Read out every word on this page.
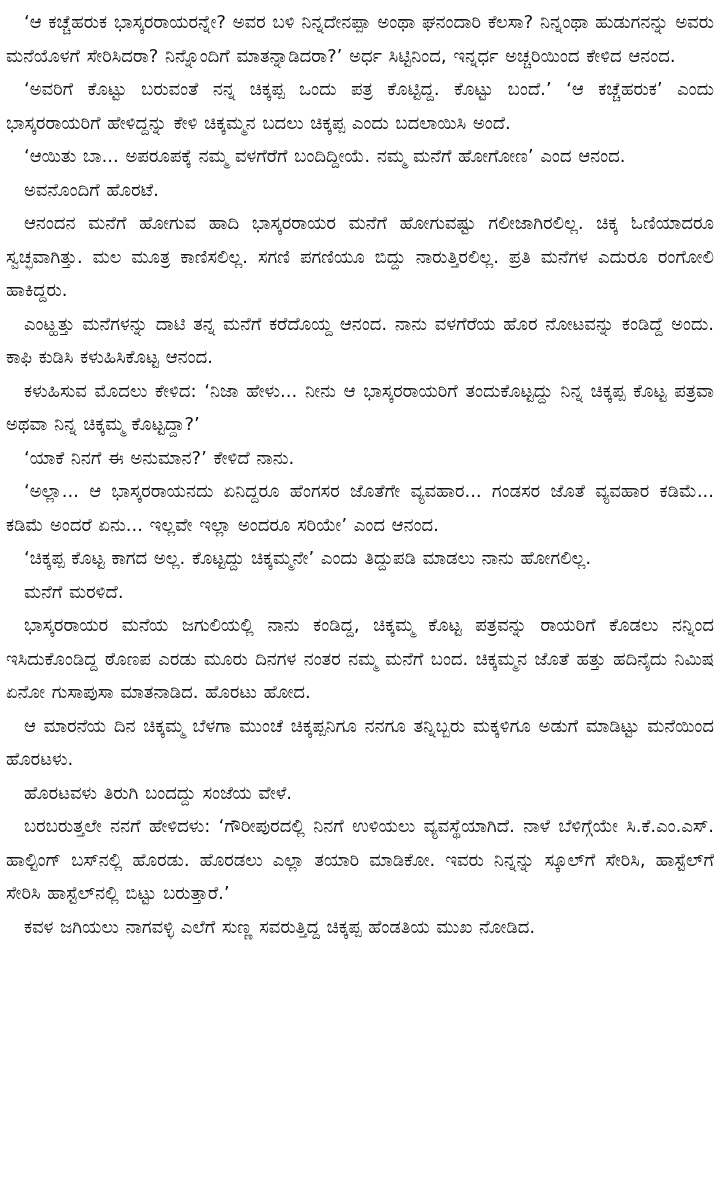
‘ಆ ಕಚ್ಚೆಹರುಕ ಭಾಸ್ಕರರಾಯರನ್ನೇ? ಅವರ ಬಳಿ ನಿನ್ನದೇನಪ್ಪಾ ಅಂಥಾ ಘನಂದಾರಿ ಕೆಲಸಾ? ನಿನ್ನಂಥಾ ಹುಡುಗನನ್ನು ಅವರು ಮನೆಯೊಳಗೆ ಸೇರಿಸಿದರಾ? ನಿನ್ನೊಂದಿಗೆ ಮಾತನ್ನಾಡಿದರಾ?’ ಅರ್ಧ ಸಿಟ್ಟಿನಿಂದ, ಇನ್ನರ್ಧ ಅಚ್ಚರಿಯಿಂದ ಕೇಳಿದ ಆನಂದ.

‘ಅವರಿಗೆ ಕೊಟ್ಟು ಬರುವಂತೆ ನನ್ನ ಚಿಕ್ಕಪ್ಪ ಒಂದು ಪತ್ರ ಕೊಟ್ಟಿದ್ದ. ಕೊಟ್ಟು ಬಂದೆ.’ ‘ಆ ಕಚ್ಚೆಹರುಕ’ ಎಂದು ಭಾಸ್ಕರರಾಯರಿಗೆ ಹೇಳಿದ್ದನ್ನು ಕೇಳಿ ಚಿಕ್ಕಮ್ಮನ ಬದಲು ಚಿಕ್ಕಪ್ಪ ಎಂದು ಬದಲಾಯಿಸಿ ಅಂದೆ.

‘ಆಯಿತು ಬಾ... ಅಪರೂಪಕ್ಕೆ ನಮ್ಮ ವಳಗೆರೆಗೆ ಬಂದಿದ್ದೀಯೆ. ನಮ್ಮ ಮನೆಗೆ ಹೋಗೋಣ’ ಎಂದ ಆನಂದ.

ಅವನೊಂದಿಗೆ ಹೊರಟೆ.

ಆನಂದನ ಮನೆಗೆ ಹೋಗುವ ಹಾದಿ ಭಾಸ್ಕರರಾಯರ ಮನೆಗೆ ಹೋಗುವಷ್ಟು ಗಲೀಜಾಗಿರಲಿಲ್ಲ. ಚಿಕ್ಕ ಓಣಿಯಾದರೂ ಸ್ವಚ್ಛವಾಗಿತ್ತು. ಮಲ ಮೂತ್ರ ಕಾಣಿಸಲಿಲ್ಲ. ಸಗಣಿ ಪಗಣಿಯೂ ಬಿದ್ದು ನಾರುತ್ತಿರಲಿಲ್ಲ. ಪ್ರತಿ ಮನೆಗಳ ಎದುರೂ ರಂಗೋಲಿ ಹಾಕಿದ್ದರು.

ಎಂಟ್ಹತ್ತು ಮನೆಗಳನ್ನು ದಾಟಿ ತನ್ನ ಮನೆಗೆ ಕರೆದೊಯ್ದ ಆನಂದ. ನಾನು ವಳಗೆರೆಯ ಹೊರ ನೋಟವನ್ನು ಕಂಡಿದ್ದೆ ಅಂದು. ಕಾಫಿ ಕುಡಿಸಿ ಕಳುಹಿಸಿಕೊಟ್ಟ ಆನಂದ.

ಕಳುಹಿಸುವ ಮೊದಲು ಕೇಳಿದ: ‘ನಿಜಾ ಹೇಳು... ನೀನು ಆ ಭಾಸ್ಕರರಾಯರಿಗೆ ತಂದುಕೊಟ್ಟದ್ದು ನಿನ್ನ ಚಿಕ್ಕಪ್ಪ ಕೊಟ್ಟ ಪತ್ರವಾ ಅಥವಾ ನಿನ್ನ ಚಿಕ್ಕಮ್ಮ ಕೊಟ್ಟದ್ದಾ?’

‘ಯಾಕೆ ನಿನಗೆ ಈ ಅನುಮಾನ?’ ಕೇಳಿದೆ ನಾನು.

‘ಅಲ್ಲಾ... ಆ ಭಾಸ್ಕರರಾಯನದು ಏನಿದ್ದರೂ ಹೆಂಗಸರ ಜೊತೆಗೇ ವ್ಯವಹಾರ... ಗಂಡಸರ ಜೊತೆ ವ್ಯವಹಾರ ಕಡಿಮೆ... ಕಡಿಮೆ ಅಂದರೆ ಏನು... ಇಲ್ಲವೇ ಇಲ್ಲಾ ಅಂದರೂ ಸರಿಯೇ’ ಎಂದ ಆನಂದ.

‘ಚಿಕ್ಕಪ್ಪ ಕೊಟ್ಟ ಕಾಗದ ಅಲ್ಲ. ಕೊಟ್ಟದ್ದು ಚಿಕ್ಕಮ್ಮನೇ’ ಎಂದು ತಿದ್ದುಪಡಿ ಮಾಡಲು ನಾನು ಹೋಗಲಿಲ್ಲ.

ಮನೆಗೆ ಮರಳಿದೆ.

ಭಾಸ್ಕರರಾಯರ ಮನೆಯ ಜಗುಲಿಯಲ್ಲಿ ನಾನು ಕಂಡಿದ್ದ, ಚಿಕ್ಕಮ್ಮ ಕೊಟ್ಟ ಪತ್ರವನ್ನು ರಾಯರಿಗೆ ಕೊಡಲು ನನ್ನಿಂದ ಇಸಿದುಕೊಂಡಿದ್ದ ಠೊಣಪ ಎರಡು ಮೂರು ದಿನಗಳ ನಂತರ ನಮ್ಮ ಮನೆಗೆ ಬಂದ. ಚಿಕ್ಕಮ್ಮನ ಜೊತೆ ಹತ್ತು ಹದಿನೈದು ನಿಮಿಷ ಏನೋ ಗುಸಾಪುಸಾ ಮಾತನಾಡಿದ. ಹೊರಟು ಹೋದ.

ಆ ಮಾರನೆಯ ದಿನ ಚಿಕ್ಕಮ್ಮ ಬೆಳಗಾ ಮುಂಚೆ ಚಿಕ್ಕಪ್ಪನಿಗೂ ನನಗೂ ತನ್ನಿಬ್ಬರು ಮಕ್ಕಳಿಗೂ ಅಡುಗೆ ಮಾಡಿಟ್ಟು ಮನೆಯಿಂದ ಹೊರಟಳು.

ಹೊರಟವಳು ತಿರುಗಿ ಬಂದದ್ದು ಸಂಜೆಯ ವೇಳೆ.

ಬರಬರುತ್ತಲೇ ನನಗೆ ಹೇಳಿದಳು: ‘ಗೌರೀಪುರದಲ್ಲಿ ನಿನಗೆ ಉಳಿಯಲು ವ್ಯವಸ್ಥೆಯಾಗಿದೆ. ನಾಳೆ ಬೆಳಿಗ್ಗೆಯೇ ಸಿ.ಕೆ.ಎಂ.ಎಸ್. ಹಾಲ್ಟಿಂಗ್ ಬಸ್‌ನಲ್ಲಿ ಹೊರಡು. ಹೊರಡಲು ಎಲ್ಲಾ ತಯಾರಿ ಮಾಡಿಕೋ. ಇವರು ನಿನ್ನನ್ನು ಸ್ಕೂಲ್‌ಗೆ ಸೇರಿಸಿ, ಹಾಸ್ಟೆಲ್‌ಗೆ ಸೇರಿಸಿ ಹಾಸ್ಟೆಲ್‌ನಲ್ಲಿ ಬಿಟ್ಟು ಬರುತ್ತಾರೆ.’

ಕವಳ ಜಗಿಯಲು ನಾಗವಳ್ಳಿ ಎಲೆಗೆ ಸುಣ್ಣ ಸವರುತ್ತಿದ್ದ ಚಿಕ್ಕಪ್ಪ ಹೆಂಡತಿಯ ಮುಖ ನೋಡಿದ.
